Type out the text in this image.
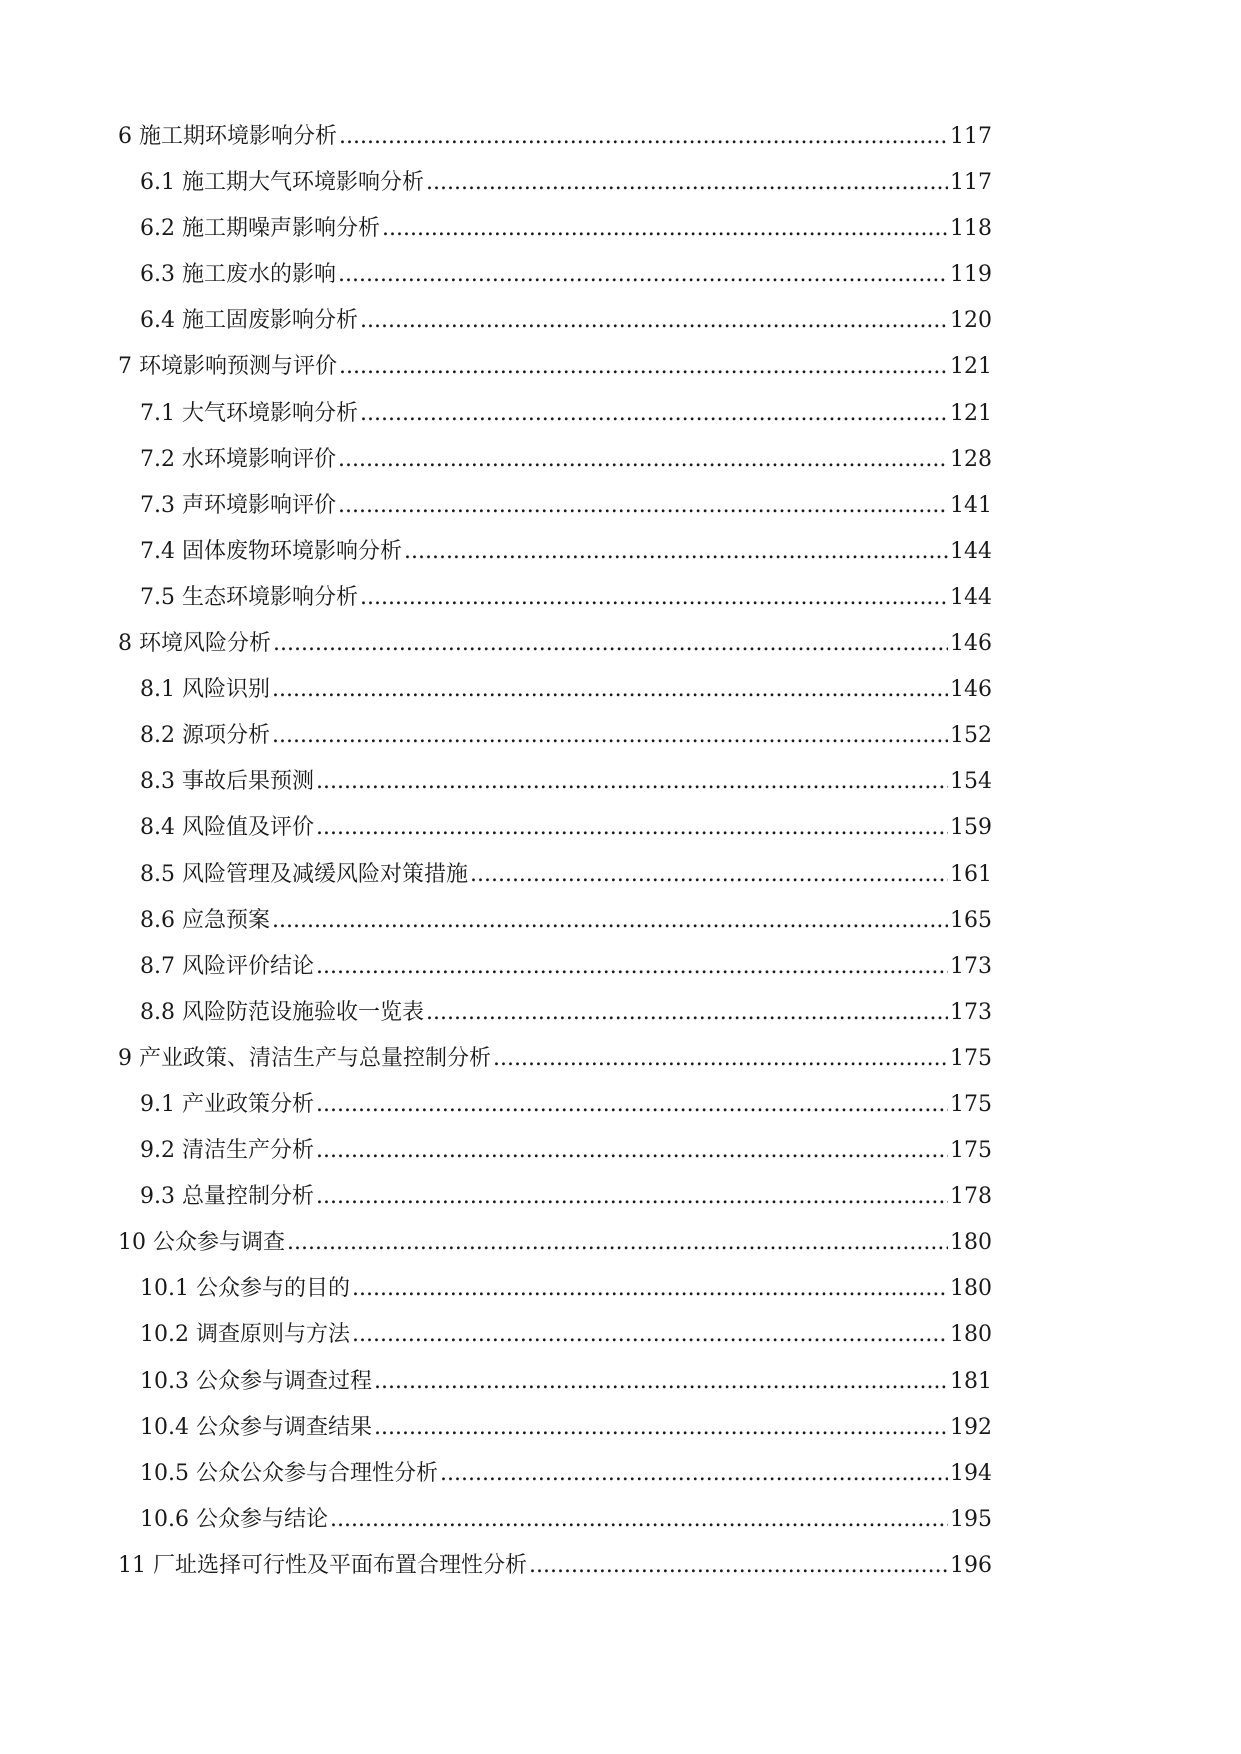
6 施工期环境影响分析 .....	117
6.1 施工期大气环境影响分析 .....	117
6.2 施工期噪声影响分析 .....	118
6.3 施工废水的影响 .....	119
6.4 施工固废影响分析 .....	120
7 环境影响预测与评价 .....	121
7.1 大气环境影响分析 .....	121
7.2 水环境影响评价 .....	128
7.3 声环境影响评价 .....	141
7.4 固体废物环境影响分析 .....	144
7.5 生态环境影响分析 .....	144
8 环境风险分析 .....	146
8.1 风险识别 .....	146
8.2 源项分析 .....	152
8.3 事故后果预测 .....	154
8.4 风险值及评价 .....	159
8.5 风险管理及减缓风险对策措施 .....	161
8.6 应急预案 .....	165
8.7 风险评价结论 .....	173
8.8 风险防范设施验收一览表 .....	173
9 产业政策、清洁生产与总量控制分析 .....	175
9.1 产业政策分析 .....	175
9.2 清洁生产分析 .....	175
9.3 总量控制分析 .....	178
10 公众参与调查 .....	180
10.1 公众参与的目的 .....	180
10.2 调查原则与方法 .....	180
10.3 公众参与调查过程 .....	181
10.4 公众参与调查结果 .....	192
10.5 公众公众参与合理性分析 .....	194
10.6 公众参与结论 .....	195
11 厂址选择可行性及平面布置合理性分析 .....	196
